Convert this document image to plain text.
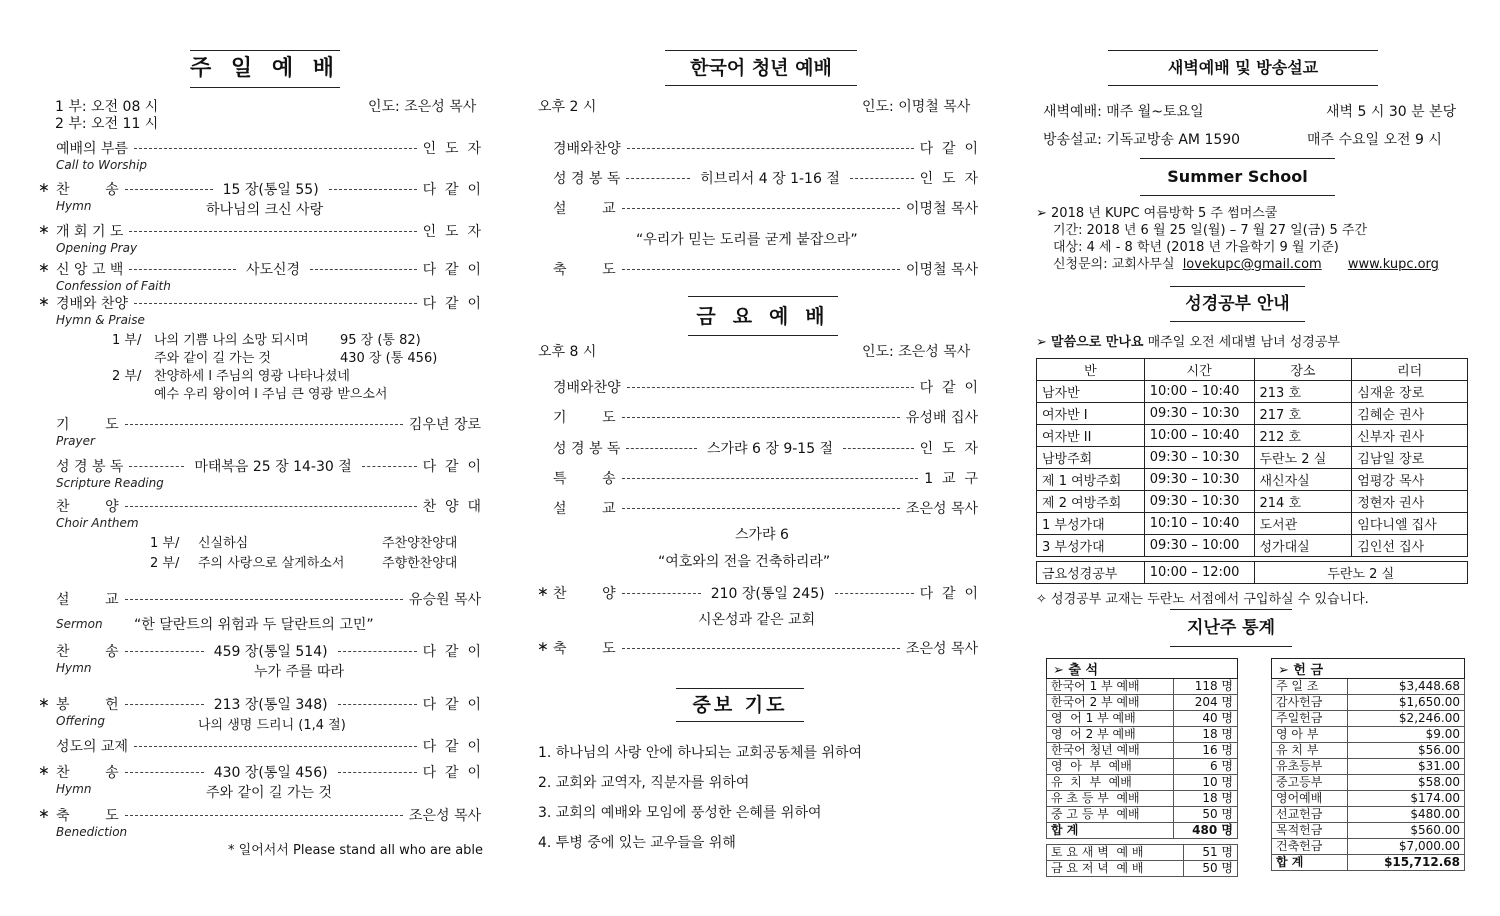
주 일 예 배
1 부: 오전 08 시
2 부: 오전 11 시
인도: 조은성 목사
예배의 부름	인  도  자
Call to Worship
찬        송	15 장(통일 55)	다  같  이
∗
Hymn	하나님의 크신 사랑
개 회 기 도	인  도  자
∗
Opening Pray
신 앙 고 백	사도신경	다  같  이
∗
Confession of Faith
경배와 찬양	다  같  이
∗
Hymn & Praise
기        도	김우년 장로
Prayer
성 경 봉 독	마태복음 25 장 14-30 절	다  같  이
Scripture Reading
찬        양	찬  양  대
Choir Anthem
설        교	유승원 목사
Sermon
찬        송	459 장(통일 514)	다  같  이
Hymn	누가 주를 따라
봉        헌	213 장(통일 348)	다  같  이
∗
Offering	나의 생명 드리니 (1,4 절)
성도의 교제	다  같  이
찬        송	430 장(통일 456)	다  같  이
∗
Hymn	주와 같이 길 가는 것
축        도	조은성 목사
∗
Benediction
1 부/ 나의 기쁨 나의 소망 되시며 95 장 (통 82)
주와 같이 길 가는 것	430 장 (통 456)
2 부/ 찬양하세 l 주님의 영광 나타나셨네
예수 우리 왕이여 l 주님 큰 영광 받으소서
1 부/ 신실하심	주찬양찬양대
2 부/ 주의 사랑으로 살게하소서	주향한찬양대
“한 달란트의 위험과 두 달란트의 고민”
* 일어서서 Please stand all who are able
한국어 청년 예배
오후 2 시	인도: 이명철 목사
경배와찬양	다  같  이
성 경 봉 독	히브리서 4 장 1-16 절	인  도  자
설        교	이명철 목사
축        도	이명철 목사
“우리가 믿는 도리를 굳게 붙잡으라”
금 요 예 배
오후 8 시	인도: 조은성 목사
경배와찬양	다  같  이
기        도	유성배 집사
성 경 봉 독	스가랴 6 장 9-15 절	인  도  자
특        송	1  교  구
설        교	조은성 목사
찬        양	210 장(통일 245)	다  같  이
축        도	조은성 목사
∗
∗
스가랴 6
“여호와의 전을 건축하리라”
시온성과 같은 교회
중보 기도
1. 하나님의 사랑 안에 하나되는 교회공동체를 위하여
2. 교회와 교역자, 직분자를 위하여
3. 교회의 예배와 모임에 풍성한 은혜를 위하여
4. 투병 중에 있는 교우들을 위해
새벽예배 및 방송설교
새벽예배: 매주 월~토요일	새벽 5 시 30 분 본당
방송설교: 기독교방송 AM 1590	매주 수요일 오전 9 시
Summer School
➢ 2018 년 KUPC 여름방학 5 주 썸머스쿨
기간: 2018 년 6 월 25 일(월) – 7 월 27 일(금) 5 주간
대상: 4 세 - 8 학년 (2018 년 가을학기 9 월 기준)
신청문의: 교회사무실 lovekupc@gmail.com www.kupc.org
성경공부 안내
➢ 말씀으로 만나요 매주일 오전 세대별 남녀 성경공부
반	시간	장소	리더
남자반	10:00 – 10:40	213 호	심재윤 장로
여자반 I	09:30 – 10:30	217 호	김혜순 권사
여자반 II	10:00 – 10:40	212 호	신부자 권사
남방주회	09:30 – 10:30	두란노 2 실	김남일 장로
제 1 여방주회	09:30 – 10:30	새신자실	엄평강 목사
제 2 여방주회	09:30 – 10:30	214 호	정현자 권사
1 부성가대	10:10 – 10:40	도서관	임다니엘 집사
3 부성가대	09:30 – 10:00	성가대실	김인선 집사
금요성경공부	10:00 – 12:00	두란노 2 실
✧ 성경공부 교재는 두란노 서점에서 구입하실 수 있습니다.
지난주 통계
➢ 출 석	
한국어 1 부 예배	118 명
한국어 2 부 예배	204 명
영  어 1 부 예배	40 명
영  어 2 부 예배	18 명
한국어 청년 예배	16 명
영  아  부  예배	6 명
유  치  부  예배	10 명
유 초 등 부  예배	18 명
중 고 등 부  예배	50 명
합 계	480 명
토 요 새 벽  예 배	51 명
금 요 저 녁  예 배	50 명
➢ 헌 금	
주 일 조	$3,448.68
감사헌금	$1,650.00
주일헌금	$2,246.00
영 아 부	$9.00
유 치 부	$56.00
유초등부	$31.00
중고등부	$58.00
영어예배	$174.00
선교헌금	$480.00
목적헌금	$560.00
건축헌금	$7,000.00
합 계	$15,712.68
